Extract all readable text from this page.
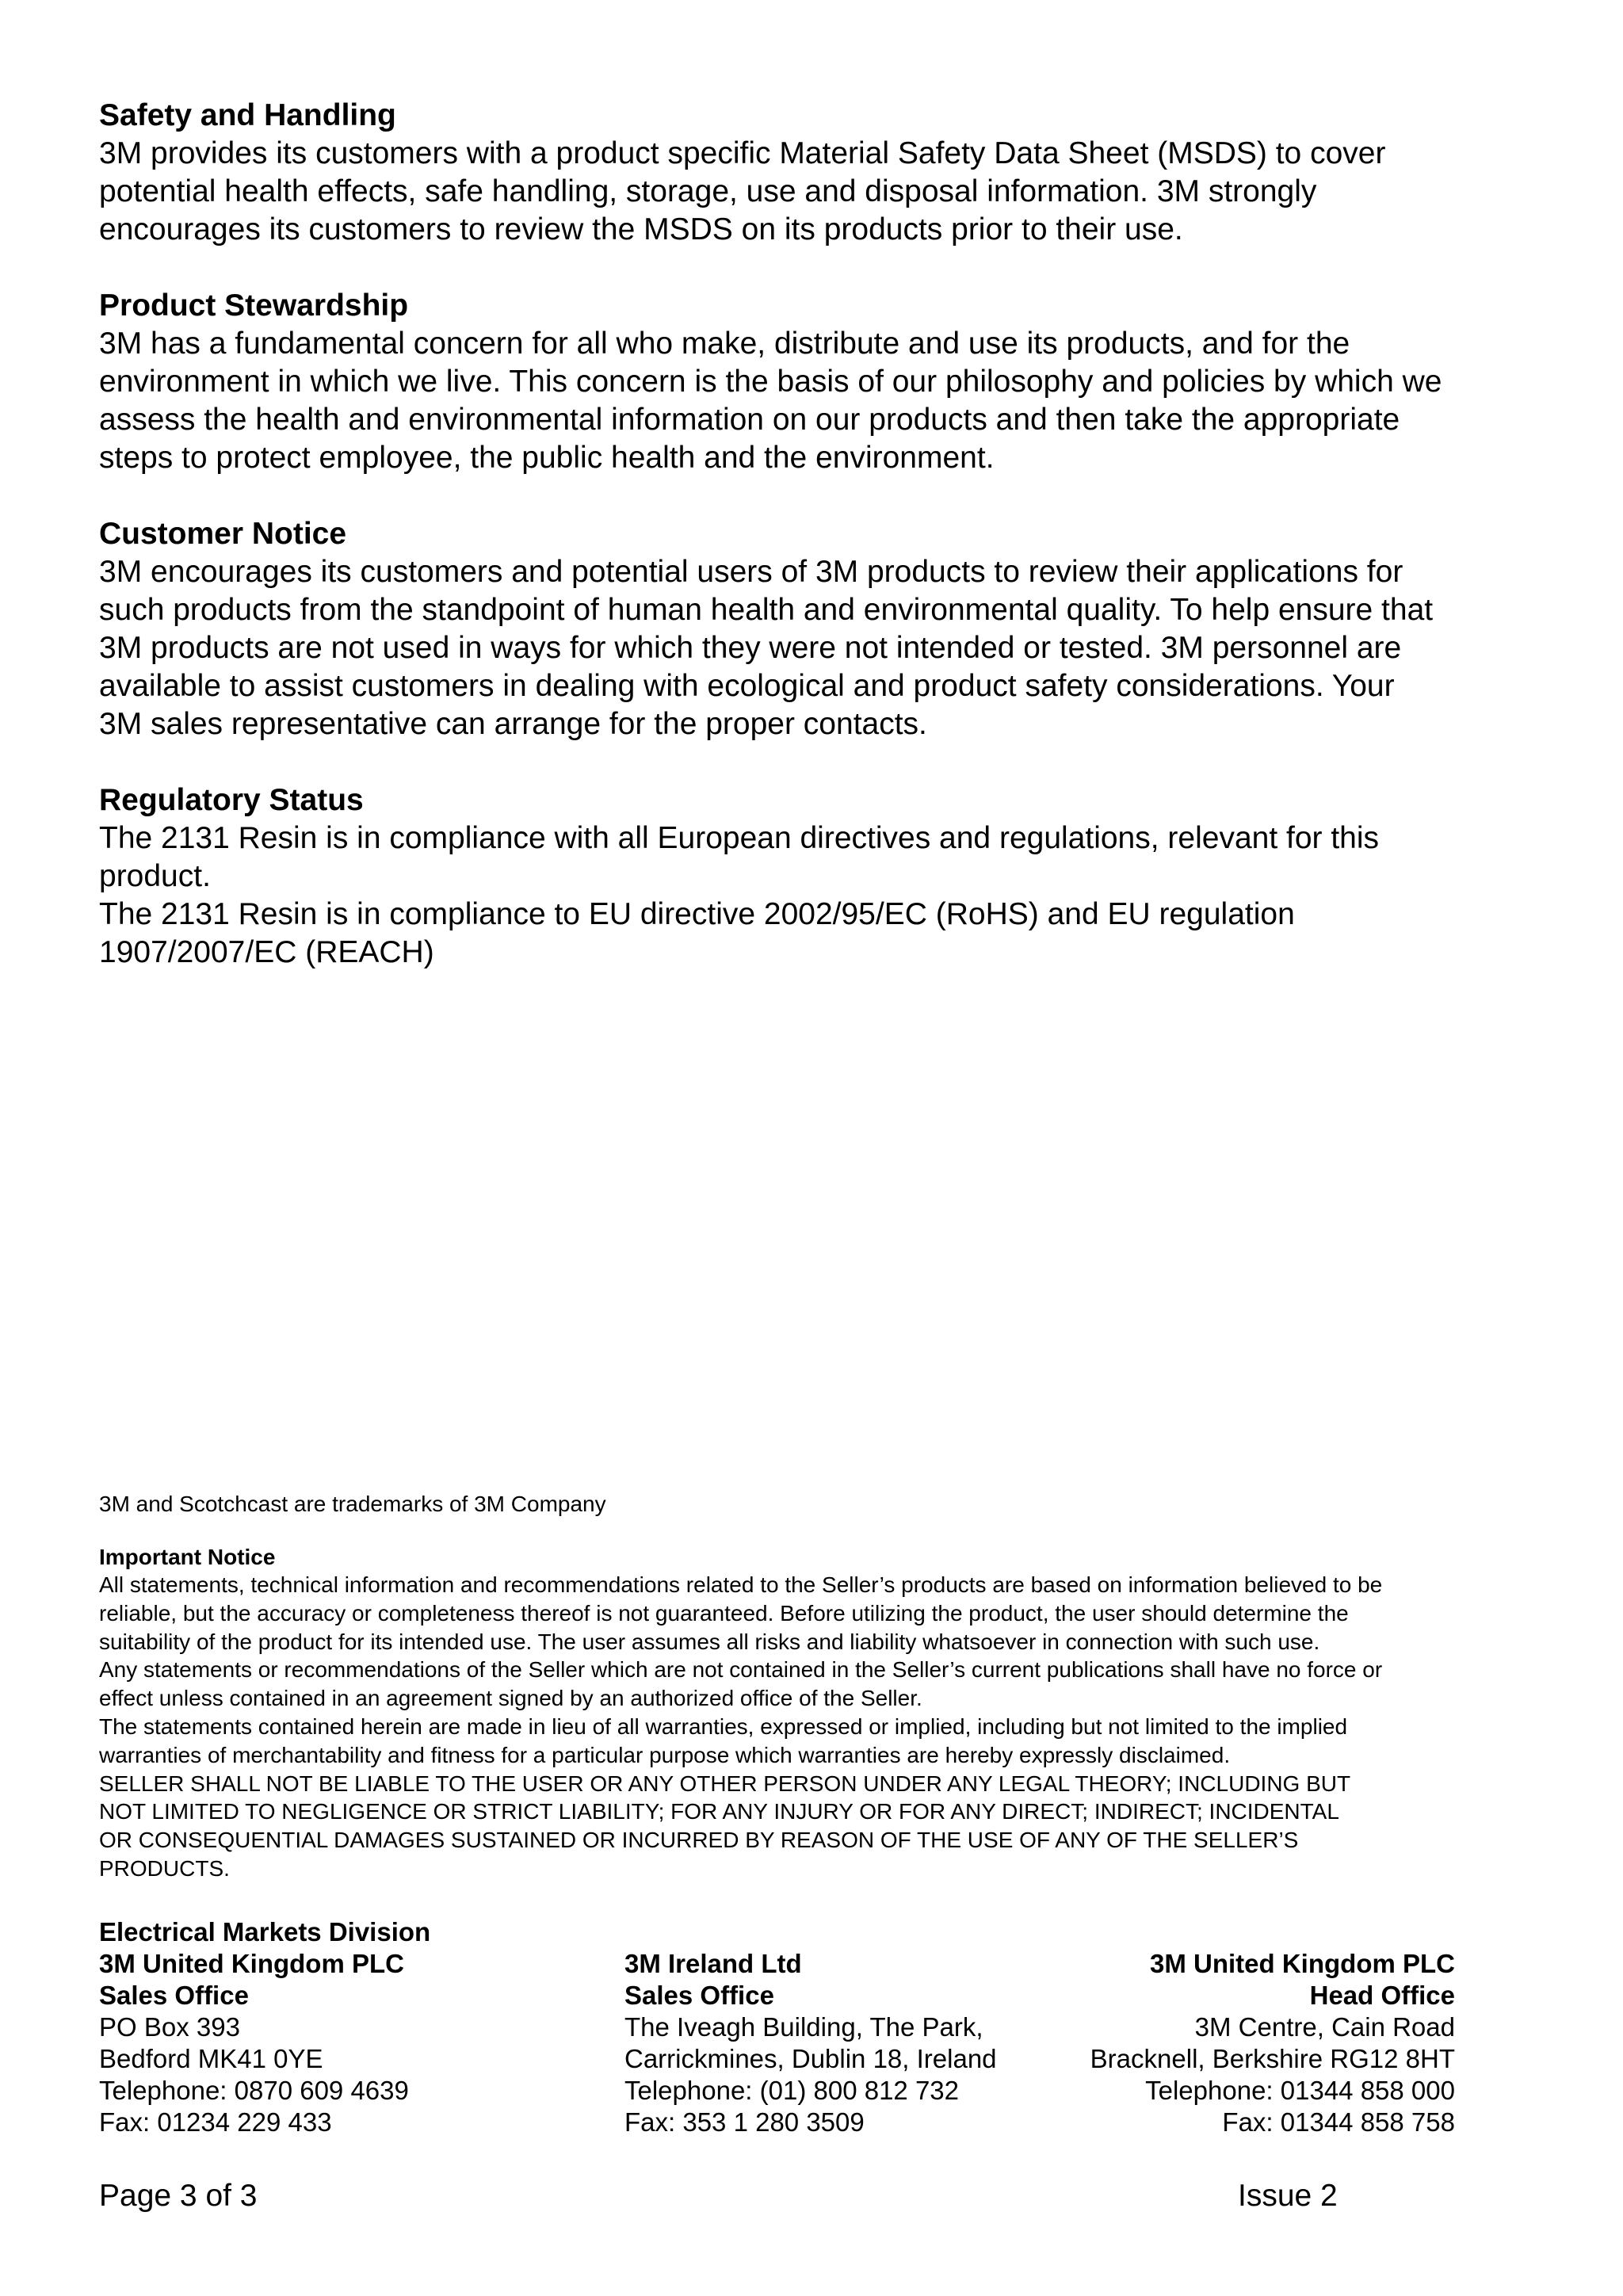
Safety and Handling

3M provides its customers with a product specific Material Safety Data Sheet (MSDS) to cover

potential health effects, safe handling, storage, use and disposal information. 3M strongly

encourages its customers to review the MSDS on its products prior to their use.

Product Stewardship

3M has a fundamental concern for all who make, distribute and use its products, and for the

environment in which we live. This concern is the basis of our philosophy and policies by which we

assess the health and environmental information on our products and then take the appropriate

steps to protect employee, the public health and the environment.

Customer Notice

3M encourages its customers and potential users of 3M products to review their applications for

such products from the standpoint of human health and environmental quality. To help ensure that

3M products are not used in ways for which they were not intended or tested. 3M personnel are

available to assist customers in dealing with ecological and product safety considerations. Your

3M sales representative can arrange for the proper contacts.

Regulatory Status

The 2131 Resin is in compliance with all European directives and regulations, relevant for this

product.

The 2131 Resin is in compliance to EU directive 2002/95/EC (RoHS) and EU regulation

1907/2007/EC (REACH)

3M and Scotchcast are trademarks of 3M Company
Important Notice

All statements, technical information and recommendations related to the Seller’s products are based on information believed to be

reliable, but the accuracy or completeness thereof is not guaranteed. Before utilizing the product, the user should determine the

suitability of the product for its intended use. The user assumes all risks and liability whatsoever in connection with such use.

Any statements or recommendations of the Seller which are not contained in the Seller’s current publications shall have no force or

effect unless contained in an agreement signed by an authorized office of the Seller.

The statements contained herein are made in lieu of all warranties, expressed or implied, including but not limited to the implied

warranties of merchantability and fitness for a particular purpose which warranties are hereby expressly disclaimed.

SELLER SHALL NOT BE LIABLE TO THE USER OR ANY OTHER PERSON UNDER ANY LEGAL THEORY; INCLUDING BUT

NOT LIMITED TO NEGLIGENCE OR STRICT LIABILITY; FOR ANY INJURY OR FOR ANY DIRECT; INDIRECT; INCIDENTAL

OR CONSEQUENTIAL DAMAGES SUSTAINED OR INCURRED BY REASON OF THE USE OF ANY OF THE SELLER’S

PRODUCTS.

Electrical Markets Division
3M United Kingdom PLC
Sales Office
PO Box 393
Bedford MK41 0YE
Telephone: 0870 609 4639
Fax: 01234 229 433
3M Ireland Ltd
Sales Office
The Iveagh Building, The Park,
Carrickmines, Dublin 18, Ireland
Telephone: (01) 800 812 732
Fax: 353 1 280 3509
3M United Kingdom PLC
Head Office
3M Centre, Cain Road
Bracknell, Berkshire RG12 8HT
Telephone: 01344 858 000
Fax: 01344 858 758
Page 3 of 3	Issue 2
